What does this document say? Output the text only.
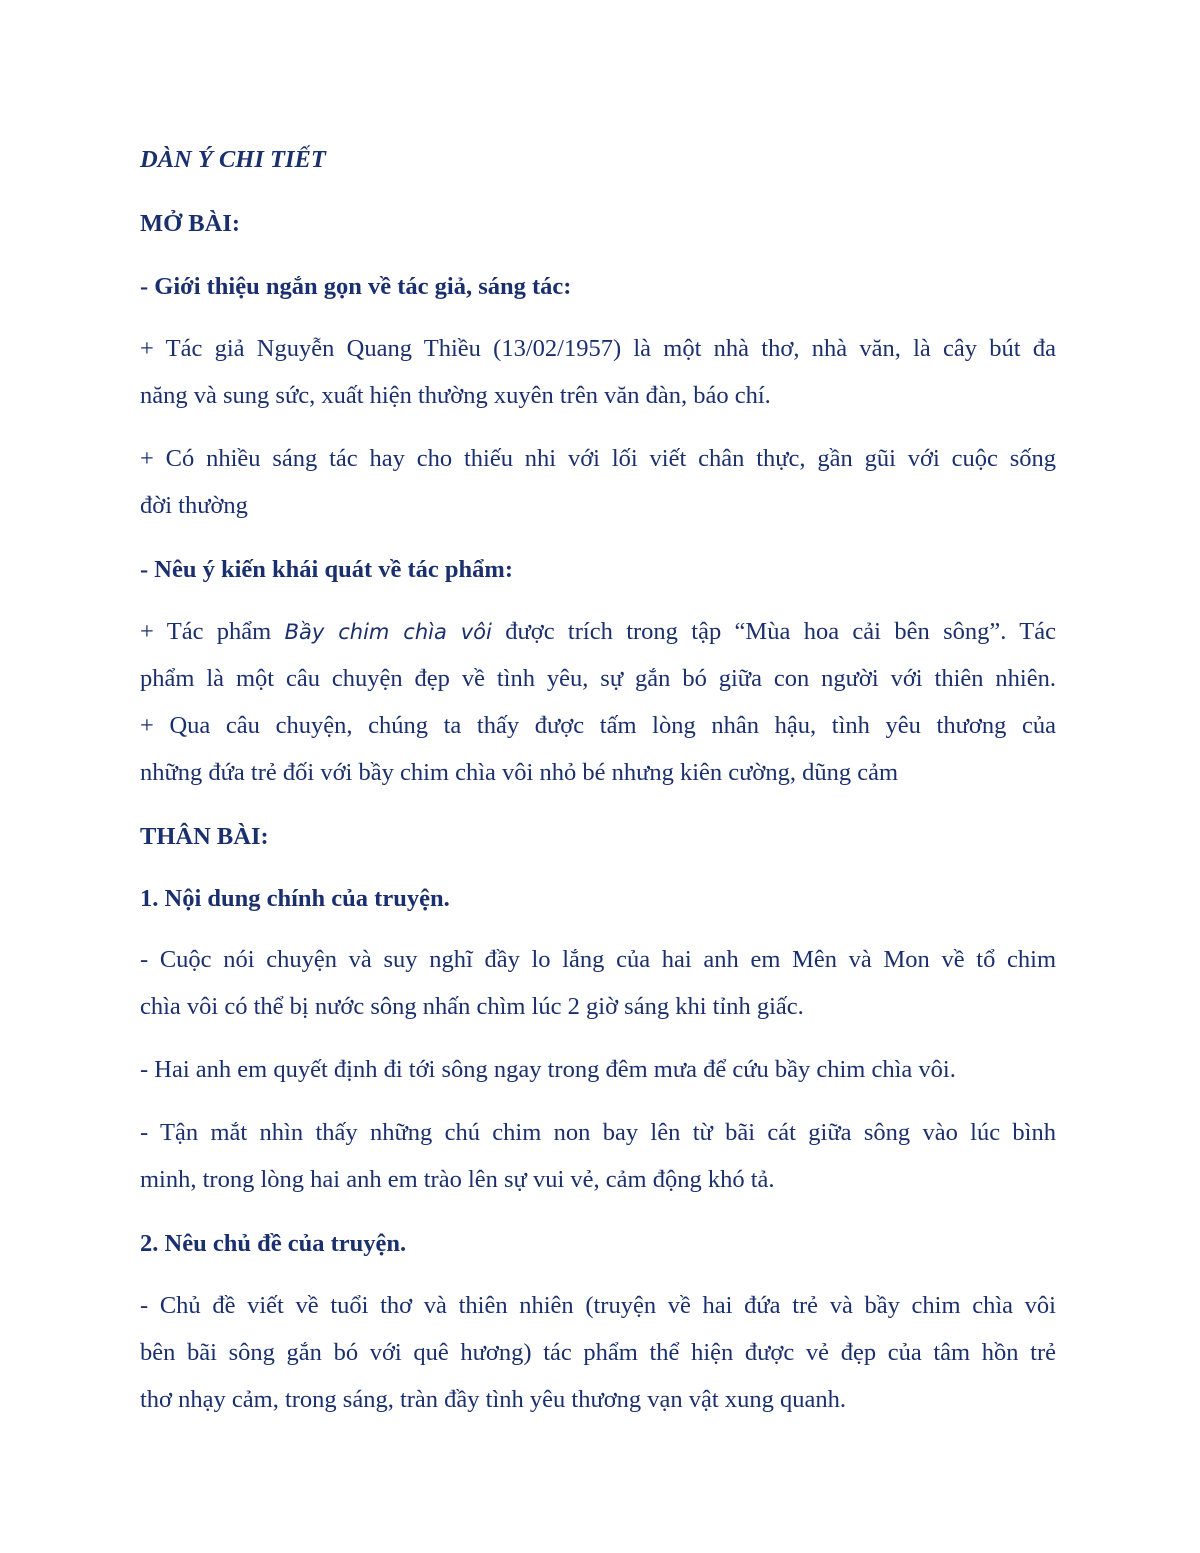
DÀN Ý CHI TIẾT
MỞ BÀI:
- Giới thiệu ngắn gọn về tác giả, sáng tác:
+ Tác giả Nguyễn Quang Thiều (13/02/1957) là một nhà thơ, nhà văn, là cây bút đa
năng và sung sức, xuất hiện thường xuyên trên văn đàn, báo chí.
+ Có nhiều sáng tác hay cho thiếu nhi với lối viết chân thực, gần gũi với cuộc sống
đời thường
- Nêu ý kiến khái quát về tác phẩm:
+ Tác phẩm Bầy chim chìa vôi được trích trong tập “Mùa hoa cải bên sông”. Tác
phẩm là một câu chuyện đẹp về tình yêu, sự gắn bó giữa con người với thiên nhiên.
+ Qua câu chuyện, chúng ta thấy được tấm lòng nhân hậu, tình yêu thương của
những đứa trẻ đối với bầy chim chìa vôi nhỏ bé nhưng kiên cường, dũng cảm
THÂN BÀI:
1. Nội dung chính của truyện.
- Cuộc nói chuyện và suy nghĩ đầy lo lắng của hai anh em Mên và Mon về tổ chim
chìa vôi có thể bị nước sông nhấn chìm lúc 2 giờ sáng khi tỉnh giấc.
- Hai anh em quyết định đi tới sông ngay trong đêm mưa để cứu bầy chim chìa vôi.
- Tận mắt nhìn thấy những chú chim non bay lên từ bãi cát giữa sông vào lúc bình
minh, trong lòng hai anh em trào lên sự vui vẻ, cảm động khó tả.
2. Nêu chủ đề của truyện.
- Chủ đề viết về tuổi thơ và thiên nhiên (truyện về hai đứa trẻ và bầy chim chìa vôi
bên bãi sông gắn bó với quê hương) tác phẩm thể hiện được vẻ đẹp của tâm hồn trẻ
thơ nhạy cảm, trong sáng, tràn đầy tình yêu thương vạn vật xung quanh.
